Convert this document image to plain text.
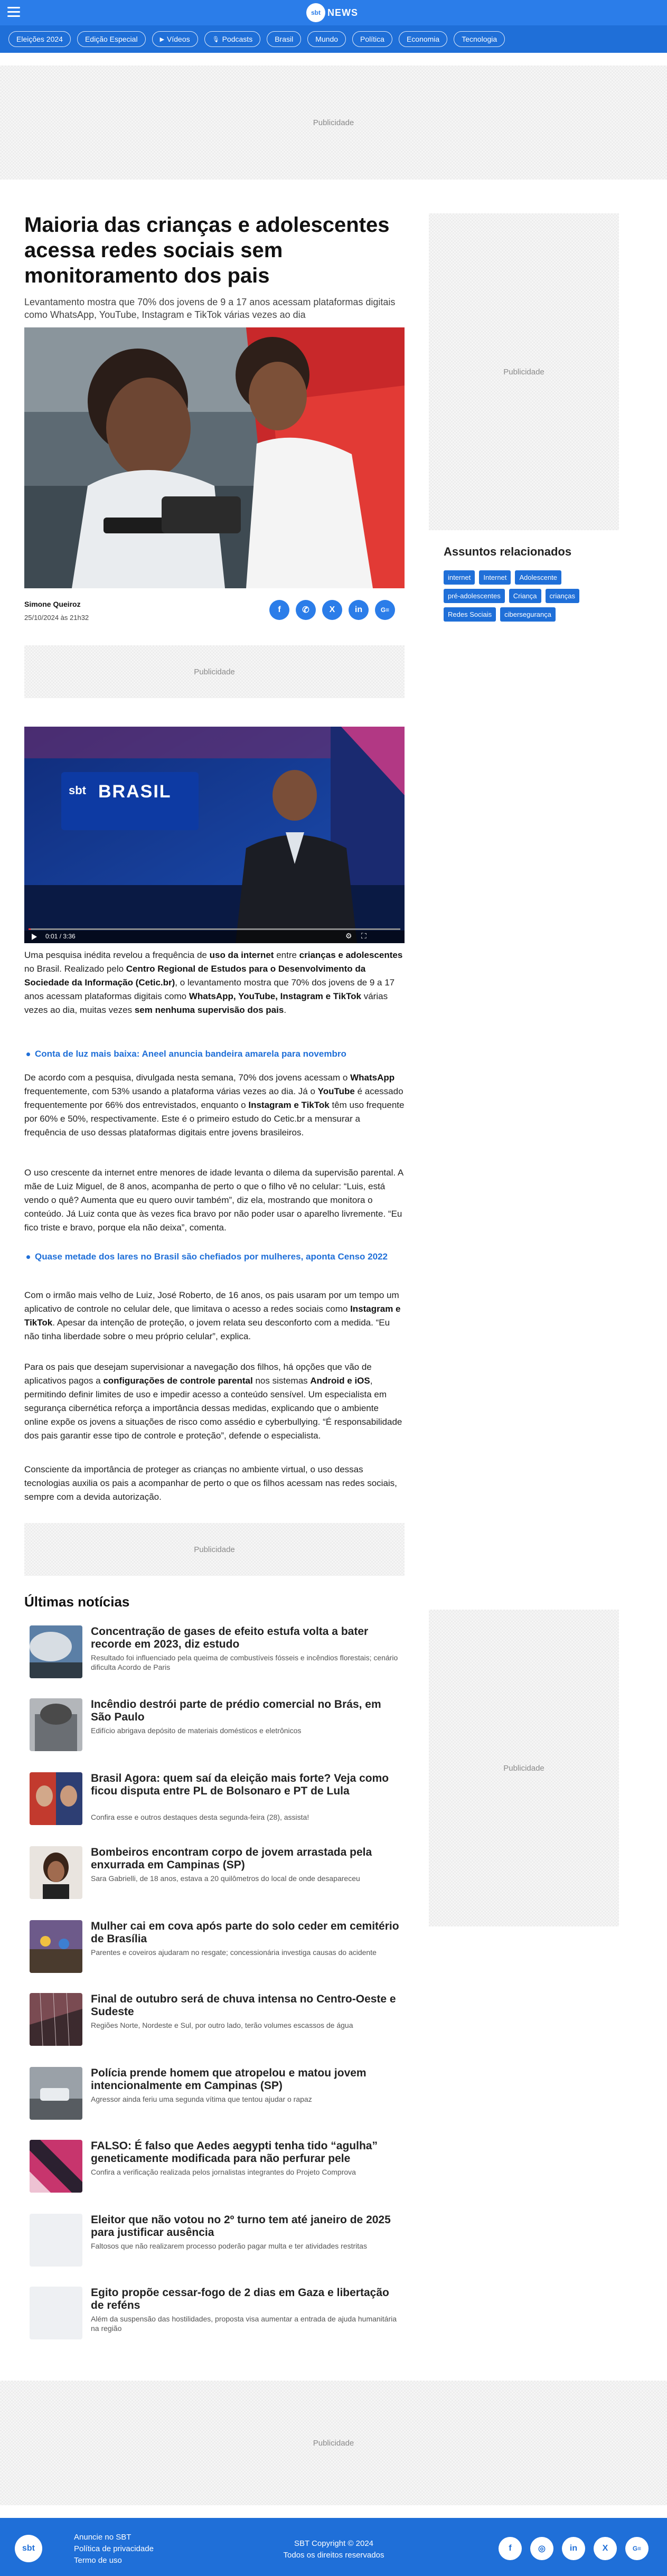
sbt NEWS
Eleições 2024	Edição Especial	▶ Vídeos	🎙 Podcasts	Brasil	Mundo	Política	Economia	Tecnologia
Publicidade
Publicidade
Publicidade
Publicidade
Publicidade
Publicidade
Maioria das crianças e adolescentes acessa redes sociais sem monitoramento dos pais

Levantamento mostra que 70% dos jovens de 9 a 17 anos acessam plataformas digitais como WhatsApp, YouTube, Instagram e TikTok várias vezes ao dia

Simone Queiroz
25/10/2024 às 21h32
f	✆	X	in	G≡
sbt BRASIL
0:01 / 3:36	⚙ ⛶

Uma pesquisa inédita revelou a frequência de uso da internet entre crianças e adolescentes no Brasil. Realizado pelo Centro Regional de Estudos para o Desenvolvimento da Sociedade da Informação (Cetic.br), o levantamento mostra que 70% dos jovens de 9 a 17 anos acessam plataformas digitais como WhatsApp, YouTube, Instagram e TikTok várias vezes ao dia, muitas vezes sem nenhuma supervisão dos pais.

Conta de luz mais baixa: Aneel anuncia bandeira amarela para novembro

De acordo com a pesquisa, divulgada nesta semana, 70% dos jovens acessam o WhatsApp frequentemente, com 53% usando a plataforma várias vezes ao dia. Já o YouTube é acessado frequentemente por 66% dos entrevistados, enquanto o Instagram e TikTok têm uso frequente por 60% e 50%, respectivamente. Este é o primeiro estudo do Cetic.br a mensurar a frequência de uso dessas plataformas digitais entre jovens brasileiros.

O uso crescente da internet entre menores de idade levanta o dilema da supervisão parental. A mãe de Luiz Miguel, de 8 anos, acompanha de perto o que o filho vê no celular: “Luis, está vendo o quê? Aumenta que eu quero ouvir também”, diz ela, mostrando que monitora o conteúdo. Já Luiz conta que às vezes fica bravo por não poder usar o aparelho livremente. “Eu fico triste e bravo, porque ela não deixa”, comenta.

Quase metade dos lares no Brasil são chefiados por mulheres, aponta Censo 2022

Com o irmão mais velho de Luiz, José Roberto, de 16 anos, os pais usaram por um tempo um aplicativo de controle no celular dele, que limitava o acesso a redes sociais como Instagram e TikTok. Apesar da intenção de proteção, o jovem relata seu desconforto com a medida. “Eu não tinha liberdade sobre o meu próprio celular”, explica.

Para os pais que desejam supervisionar a navegação dos filhos, há opções que vão de aplicativos pagos a configurações de controle parental nos sistemas Android e iOS, permitindo definir limites de uso e impedir acesso a conteúdo sensível. Um especialista em segurança cibernética reforça a importância dessas medidas, explicando que o ambiente online expõe os jovens a situações de risco como assédio e cyberbullying. “É responsabilidade dos pais garantir esse tipo de controle e proteção”, defende o especialista.

Consciente da importância de proteger as crianças no ambiente virtual, o uso dessas tecnologias auxilia os pais a acompanhar de perto o que os filhos acessam nas redes sociais, sempre com a devida autorização.

Assuntos relacionados
internet	Internet	Adolescente
pré-adolescentes	Criança	crianças
Redes Sociais	cibersegurança
Últimas notícias
Concentração de gases de efeito estufa volta a bater recorde em 2023, diz estudo
Resultado foi influenciado pela queima de combustíveis fósseis e incêndios florestais; cenário dificulta Acordo de Paris
Incêndio destrói parte de prédio comercial no Brás, em São Paulo
Edifício abrigava depósito de materiais domésticos e eletrônicos
Brasil Agora: quem saí da eleição mais forte? Veja como ficou disputa entre PL de Bolsonaro e PT de Lula
Confira esse e outros destaques desta segunda-feira (28), assista!
Bombeiros encontram corpo de jovem arrastada pela enxurrada em Campinas (SP)
Sara Gabrielli, de 18 anos, estava a 20 quilômetros do local de onde desapareceu
Mulher cai em cova após parte do solo ceder em cemitério de Brasília
Parentes e coveiros ajudaram no resgate; concessionária investiga causas do acidente
Final de outubro será de chuva intensa no Centro-Oeste e Sudeste
Regiões Norte, Nordeste e Sul, por outro lado, terão volumes escassos de água
Polícia prende homem que atropelou e matou jovem intencionalmente em Campinas (SP)
Agressor ainda feriu uma segunda vítima que tentou ajudar o rapaz
FALSO: É falso que Aedes aegypti tenha tido “agulha” geneticamente modificada para não perfurar pele
Confira a verificação realizada pelos jornalistas integrantes do Projeto Comprova
Eleitor que não votou no 2º turno tem até janeiro de 2025 para justificar ausência
Faltosos que não realizarem processo poderão pagar multa e ter atividades restritas
Egito propõe cessar-fogo de 2 dias em Gaza e libertação de reféns
Além da suspensão das hostilidades, proposta visa aumentar a entrada de ajuda humanitária na região
sbt
Anuncie no SBT
Política de privacidade
Termo de uso
SBT Copyright © 2024
Todos os direitos reservados
f	◎	in	X	G≡
